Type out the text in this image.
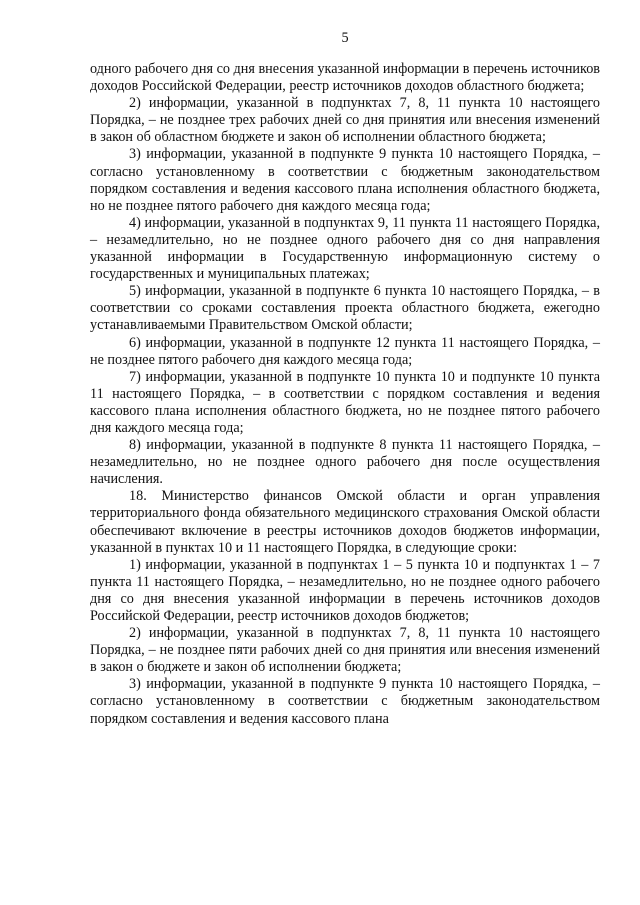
5

одного рабочего дня со дня внесения указанной информации в перечень источников доходов Российской Федерации, реестр источников доходов областного бюджета;

2) информации, указанной в подпунктах 7, 8, 11 пункта 10 настоящего Порядка, – не позднее трех рабочих дней со дня принятия или внесения изменений в закон об областном бюджете и закон об исполнении областного бюджета;

3) информации, указанной в подпункте 9 пункта 10 настоящего Порядка, – согласно установленному в соответствии с бюджетным законодательством порядком составления и ведения кассового плана исполнения областного бюджета, но не позднее пятого рабочего дня каждого месяца года;

4) информации, указанной в подпунктах 9, 11 пункта 11 настоящего Порядка, – незамедлительно, но не позднее одного рабочего дня со дня направления указанной информации в Государственную информационную систему о государственных и муниципальных платежах;

5) информации, указанной в подпункте 6 пункта 10 настоящего Порядка, – в соответствии со сроками составления проекта областного бюджета, ежегодно устанавливаемыми Правительством Омской области;

6) информации, указанной в подпункте 12 пункта 11 настоящего Порядка, – не позднее пятого рабочего дня каждого месяца года;

7) информации, указанной в подпункте 10 пункта 10 и подпункте 10 пункта 11 настоящего Порядка, – в соответствии с порядком составления и ведения кассового плана исполнения областного бюджета, но не позднее пятого рабочего дня каждого месяца года;

8) информации, указанной в подпункте 8 пункта 11 настоящего Порядка, – незамедлительно, но не позднее одного рабочего дня после осуществления начисления.

18. Министерство финансов Омской области и орган управления территориального фонда обязательного медицинского страхования Омской области обеспечивают включение в реестры источников доходов бюджетов информации, указанной в пунктах 10 и 11 настоящего Порядка, в следующие сроки:

1) информации, указанной в подпунктах 1 – 5 пункта 10 и подпунктах 1 – 7 пункта 11 настоящего Порядка, – незамедлительно, но не позднее одного рабочего дня со дня внесения указанной информации в перечень источников доходов Российской Федерации, реестр источников доходов бюджетов;

2) информации, указанной в подпунктах 7, 8, 11 пункта 10 настоящего Порядка, – не позднее пяти рабочих дней со дня принятия или внесения изменений в закон о бюджете и закон об исполнении бюджета;

3) информации, указанной в подпункте 9 пункта 10 настоящего Порядка, – согласно установленному в соответствии с бюджетным законодательством порядком составления и ведения кассового плана
